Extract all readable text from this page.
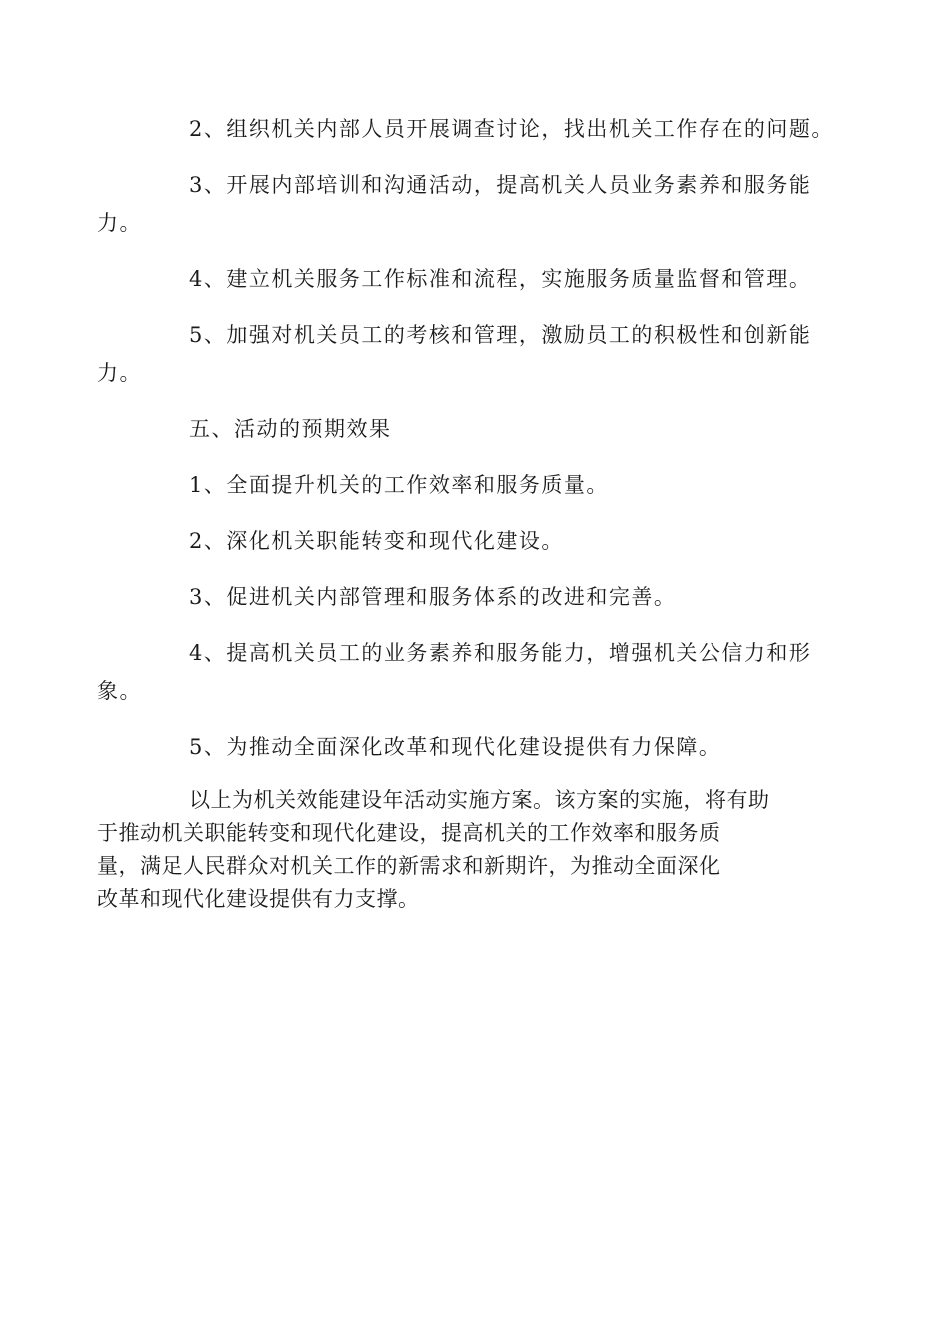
2、组织机关内部人员开展调查讨论，找出机关工作存在的问题。

3、开展内部培训和沟通活动，提高机关人员业务素养和服务能
力。

4、建立机关服务工作标准和流程，实施服务质量监督和管理。

5、加强对机关员工的考核和管理，激励员工的积极性和创新能
力。

五、活动的预期效果

1、全面提升机关的工作效率和服务质量。

2、深化机关职能转变和现代化建设。

3、促进机关内部管理和服务体系的改进和完善。

4、提高机关员工的业务素养和服务能力，增强机关公信力和形
象。

5、为推动全面深化改革和现代化建设提供有力保障。

以上为机关效能建设年活动实施方案。该方案的实施，将有助
于推动机关职能转变和现代化建设，提高机关的工作效率和服务质
量，满足人民群众对机关工作的新需求和新期许，为推动全面深化
改革和现代化建设提供有力支撑。
